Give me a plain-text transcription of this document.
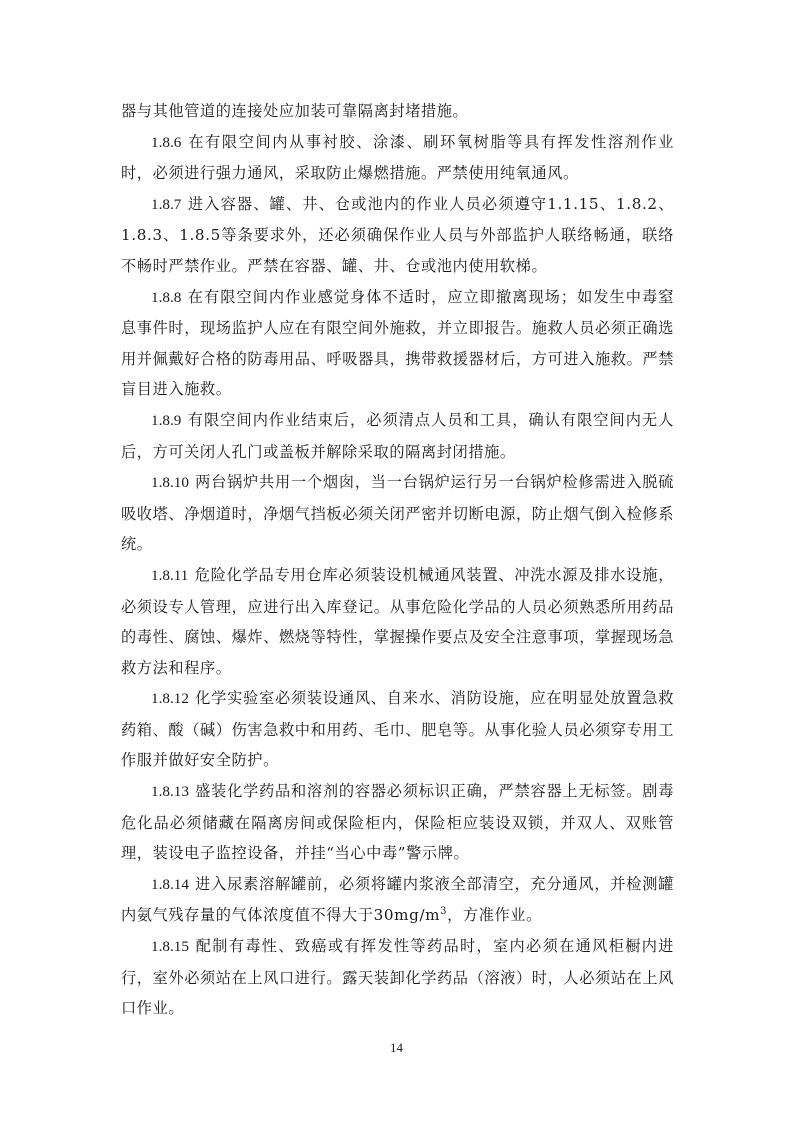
器与其他管道的连接处应加装可靠隔离封堵措施。

1.8.6 在有限空间内从事衬胶、涂漆、刷环氧树脂等具有挥发性溶剂作业时，必须进行强力通风，采取防止爆燃措施。严禁使用纯氧通风。

1.8.7 进入容器、罐、井、仓或池内的作业人员必须遵守1.1.15、1.8.2、1.8.3、1.8.5等条要求外，还必须确保作业人员与外部监护人联络畅通，联络不畅时严禁作业。严禁在容器、罐、井、仓或池内使用软梯。

1.8.8 在有限空间内作业感觉身体不适时，应立即撤离现场；如发生中毒窒息事件时，现场监护人应在有限空间外施救，并立即报告。施救人员必须正确选用并佩戴好合格的防毒用品、呼吸器具，携带救援器材后，方可进入施救。严禁盲目进入施救。

1.8.9 有限空间内作业结束后，必须清点人员和工具，确认有限空间内无人后，方可关闭人孔门或盖板并解除采取的隔离封闭措施。

1.8.10 两台锅炉共用一个烟囱，当一台锅炉运行另一台锅炉检修需进入脱硫吸收塔、净烟道时，净烟气挡板必须关闭严密并切断电源，防止烟气倒入检修系统。

1.8.11 危险化学品专用仓库必须装设机械通风装置、冲洗水源及排水设施，必须设专人管理，应进行出入库登记。从事危险化学品的人员必须熟悉所用药品的毒性、腐蚀、爆炸、燃烧等特性，掌握操作要点及安全注意事项，掌握现场急救方法和程序。

1.8.12 化学实验室必须装设通风、自来水、消防设施，应在明显处放置急救药箱、酸（碱）伤害急救中和用药、毛巾、肥皂等。从事化验人员必须穿专用工作服并做好安全防护。

1.8.13 盛装化学药品和溶剂的容器必须标识正确，严禁容器上无标签。剧毒危化品必须储藏在隔离房间或保险柜内，保险柜应装设双锁，并双人、双账管理，装设电子监控设备，并挂“当心中毒”警示牌。

1.8.14 进入尿素溶解罐前，必须将罐内浆液全部清空，充分通风，并检测罐内氨气残存量的气体浓度值不得大于$30mg/m^3$，方准作业。

1.8.15 配制有毒性、致癌或有挥发性等药品时，室内必须在通风柜橱内进行，室外必须站在上风口进行。露天装卸化学药品（溶液）时，人必须站在上风口作业。

14
